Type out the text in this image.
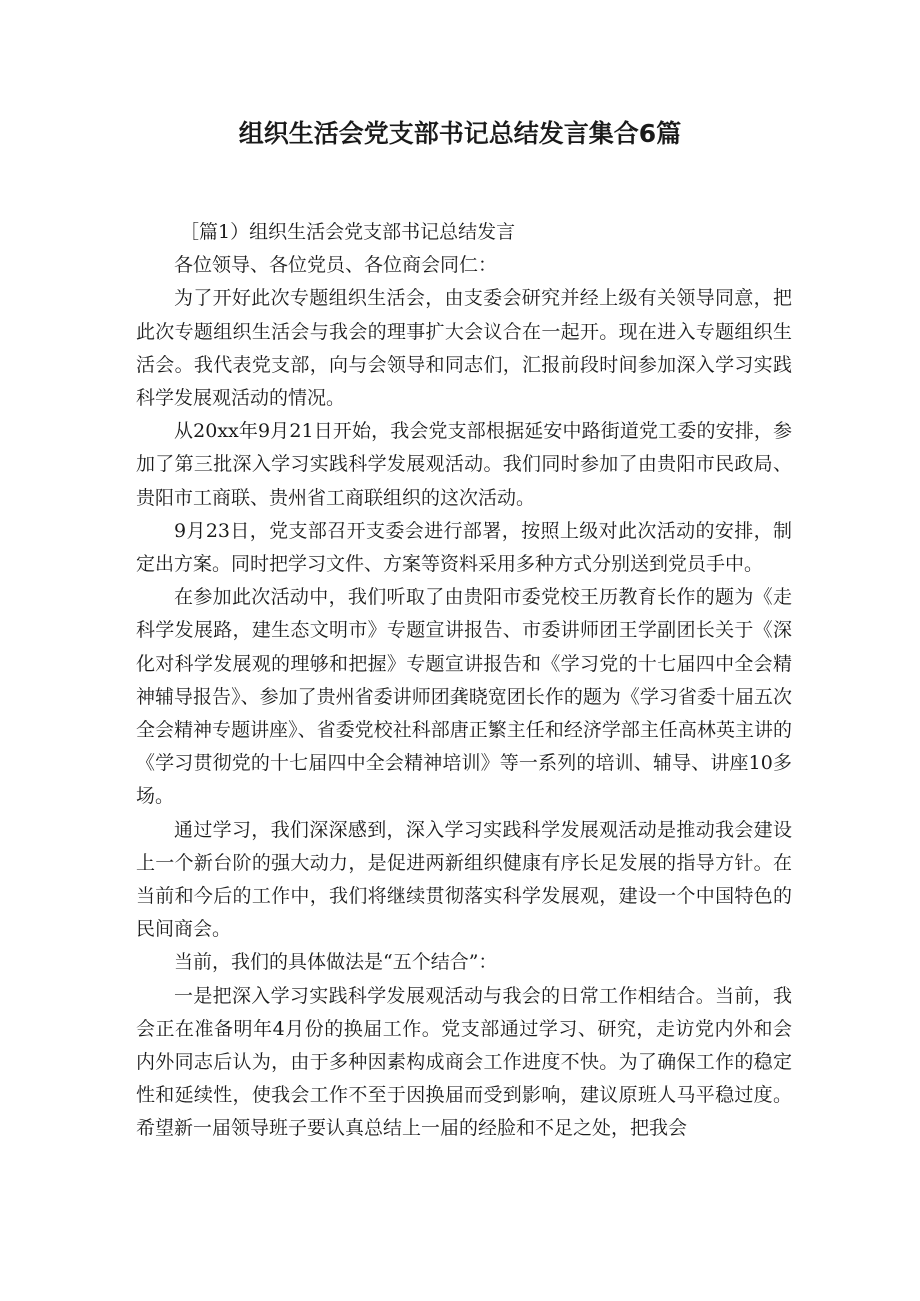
组织生活会党支部书记总结发言集合6篇

［篇1）组织生活会党支部书记总结发言

各位领导、各位党员、各位商会同仁：

为了开好此次专题组织生活会，由支委会研究并经上级有关领导同意，把此次专题组织生活会与我会的理事扩大会议合在一起开。现在进入专题组织生活会。我代表党支部，向与会领导和同志们，汇报前段时间参加深入学习实践科学发展观活动的情况。

从20xx年9月21日开始，我会党支部根据延安中路街道党工委的安排，参加了第三批深入学习实践科学发展观活动。我们同时参加了由贵阳市民政局、贵阳市工商联、贵州省工商联组织的这次活动。

9月23日，党支部召开支委会进行部署，按照上级对此次活动的安排，制定出方案。同时把学习文件、方案等资料采用多种方式分别送到党员手中。

在参加此次活动中，我们听取了由贵阳市委党校王历教育长作的题为《走科学发展路，建生态文明市》专题宣讲报告、市委讲师团王学副团长关于《深化对科学发展观的理够和把握》专题宣讲报告和《学习党的十七届四中全会精神辅导报告》、参加了贵州省委讲师团龚晓宽团长作的题为《学习省委十届五次全会精神专题讲座》、省委党校社科部唐正繁主任和经济学部主任高林英主讲的《学习贯彻党的十七届四中全会精神培训》等一系列的培训、辅导、讲座10多场。

通过学习，我们深深感到，深入学习实践科学发展观活动是推动我会建设上一个新台阶的强大动力，是促进两新组织健康有序长足发展的指导方针。在当前和今后的工作中，我们将继续贯彻落实科学发展观，建设一个中国特色的民间商会。

当前，我们的具体做法是“五个结合”：

一是把深入学习实践科学发展观活动与我会的日常工作相结合。当前，我会正在准备明年4月份的换届工作。党支部通过学习、研究，走访党内外和会内外同志后认为，由于多种因素构成商会工作进度不快。为了确保工作的稳定性和延续性，使我会工作不至于因换届而受到影响，建议原班人马平稳过度。希望新一届领导班子要认真总结上一届的经脸和不足之处，把我会
